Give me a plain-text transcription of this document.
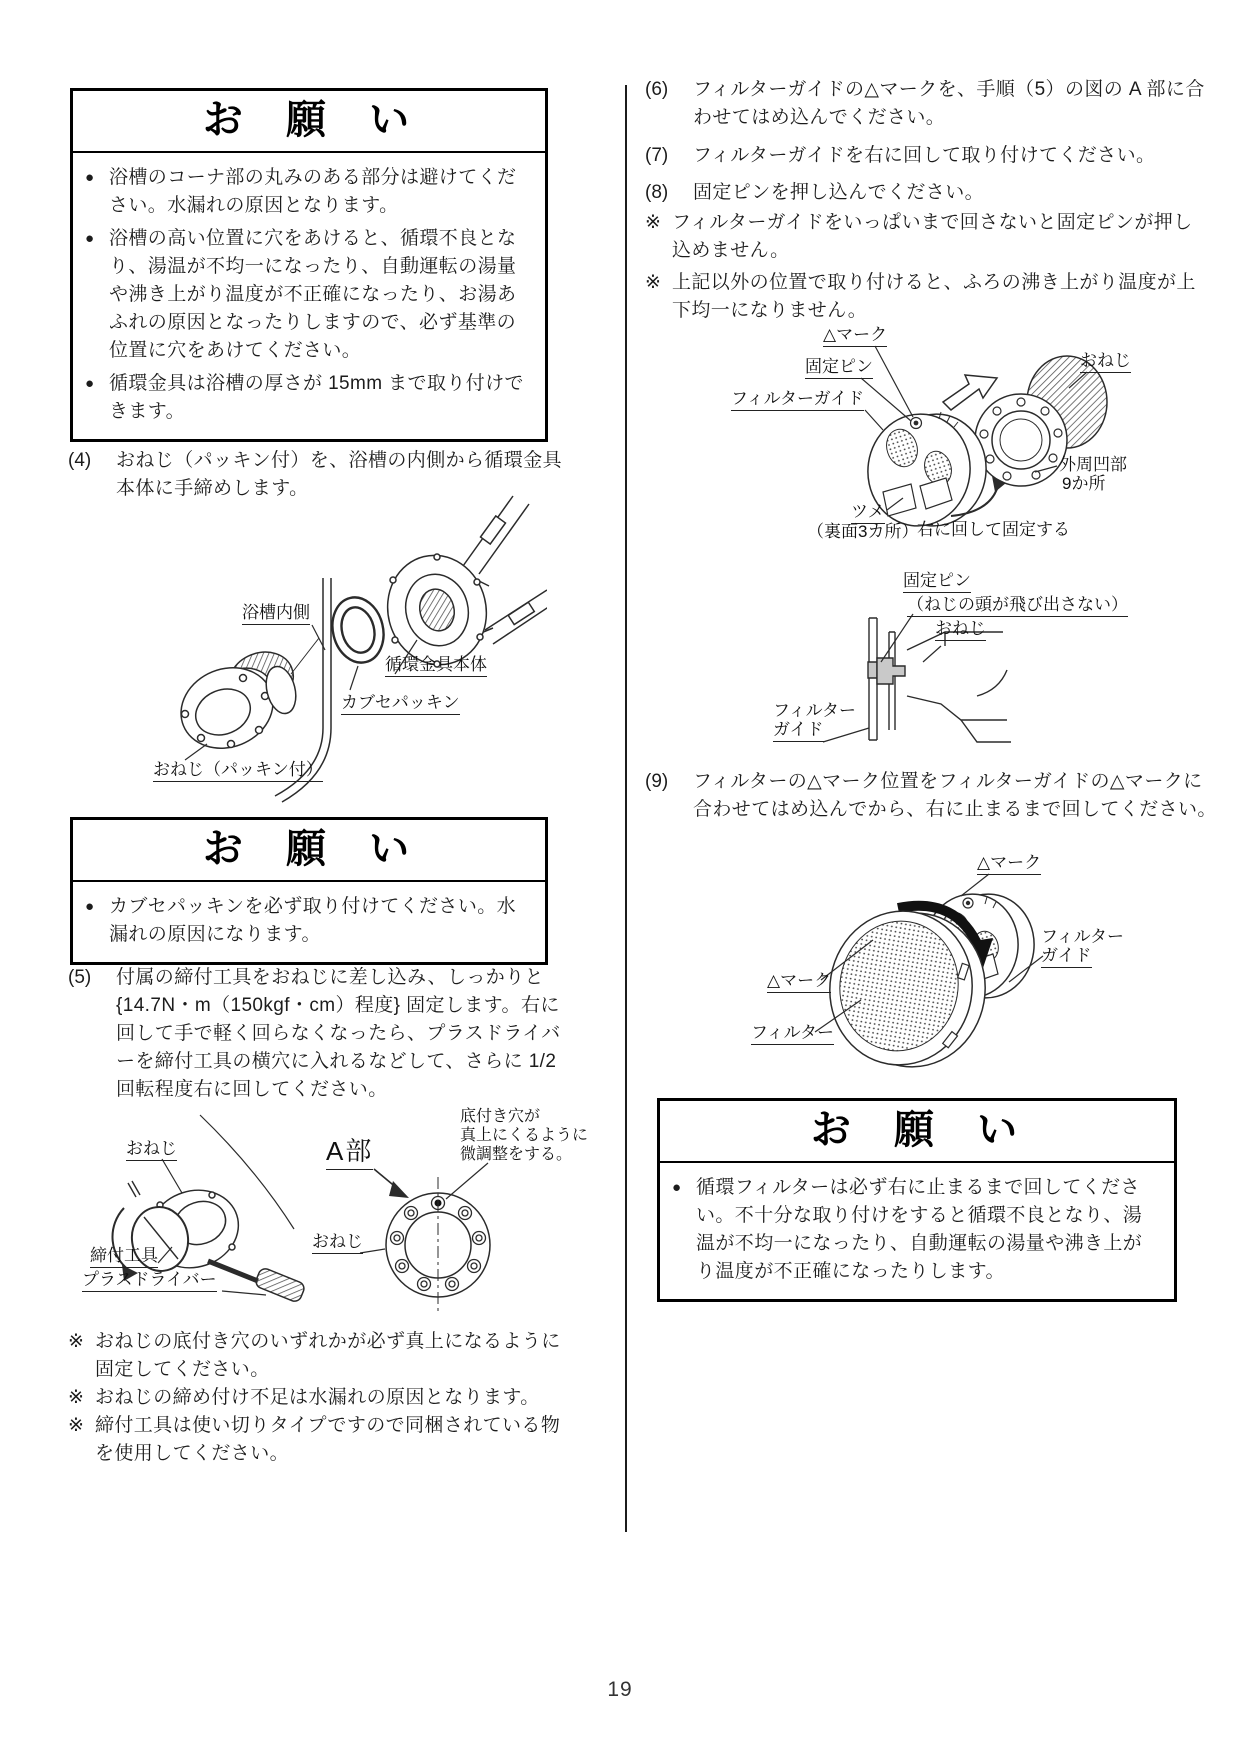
お 願 い
● 浴槽のコーナ部の丸みのある部分は避けてください。水漏れの原因となります。
● 浴槽の高い位置に穴をあけると、循環不良となり、湯温が不均一になったり、自動運転の湯量や沸き上がり温度が不正確になったり、お湯あふれの原因となったりしますので、必ず基準の位置に穴をあけてください。
● 循環金具は浴槽の厚さが 15mm まで取り付けできます。
(4)	おねじ（パッキン付）を、浴槽の内側から循環金具本体に手締めします。
浴槽内側
循環金具本体
カブセパッキン
おねじ（パッキン付）
お 願 い
● カブセパッキンを必ず取り付けてください。水漏れの原因になります。
(5)	付属の締付工具をおねじに差し込み、しっかりと {14.7N・m（150kgf・cm）程度} 固定します。右に回して手で軽く回らなくなったら、プラスドライバーを締付工具の横穴に入れるなどして、さらに 1/2 回転程度右に回してください。
おねじ	A部
底付き穴が
真上にくるように
微調整をする。
おねじ
締付工具
プラスドライバー
※ おねじの底付き穴のいずれかが必ず真上になるように固定してください。
※ おねじの締め付け不足は水漏れの原因となります。
※ 締付工具は使い切りタイプですので同梱されている物を使用してください。
(6)	フィルターガイドの△マークを、手順（5）の図の A 部に合わせてはめ込んでください。
(7)	フィルターガイドを右に回して取り付けてください。
(8)	固定ピンを押し込んでください。
※ フィルターガイドをいっぱいまで回さないと固定ピンが押し込めません。
※ 上記以外の位置で取り付けると、ふろの沸き上がり温度が上下均一になりません。
△マーク
固定ピン
フィルターガイド
おねじ
外周凹部
9か所
ツメ
（裏面3カ所）
右に回して固定する
固定ピン
（ねじの頭が飛び出さない）
おねじ
フィルター
ガイド
(9)	フィルターの△マーク位置をフィルターガイドの△マークに合わせてはめ込んでから、右に止まるまで回してください。
△マーク
フィルター
ガイド
△マーク
フィルター
お 願 い
● 循環フィルターは必ず右に止まるまで回してください。不十分な取り付けをすると循環不良となり、湯温が不均一になったり、自動運転の湯量や沸き上がり温度が不正確になったりします。
19
